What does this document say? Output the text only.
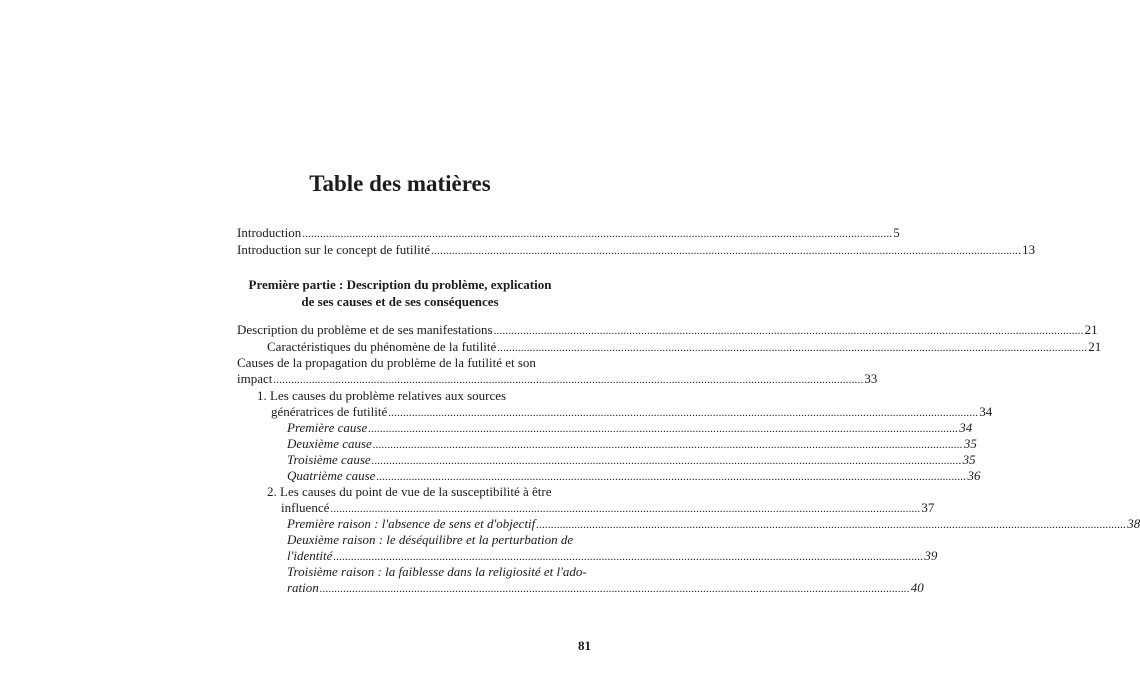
Table des matières
Introduction ........................................................................................................................................................................................................ 5
Introduction sur le concept de futilité ........................................................................................................................................................................................................ 13
Première partie : Description du problème, explication
de ses causes et de ses conséquences
Description du problème et de ses manifestations ........................................................................................................................................................................................................ 21
Caractéristiques du phénomène de la futilité ........................................................................................................................................................................................................ 21
Causes de la propagation du problème de la futilité et son
impact ........................................................................................................................................................................................................ 33
1. Les causes du problème relatives aux sources
génératrices de futilité ........................................................................................................................................................................................................ 34
Première cause ........................................................................................................................................................................................................ 34
Deuxième cause ........................................................................................................................................................................................................ 35
Troisième cause ........................................................................................................................................................................................................ 35
Quatrième cause ........................................................................................................................................................................................................ 36
2. Les causes du point de vue de la susceptibilité à être
influencé ........................................................................................................................................................................................................ 37
Première raison : l'absence de sens et d'objectif ........................................................................................................................................................................................................ 38
Deuxième raison : le déséquilibre et la perturbation de
l'identité ........................................................................................................................................................................................................ 39
Troisième raison : la faiblesse dans la religiosité et l'ado-
ration ........................................................................................................................................................................................................ 40
81
